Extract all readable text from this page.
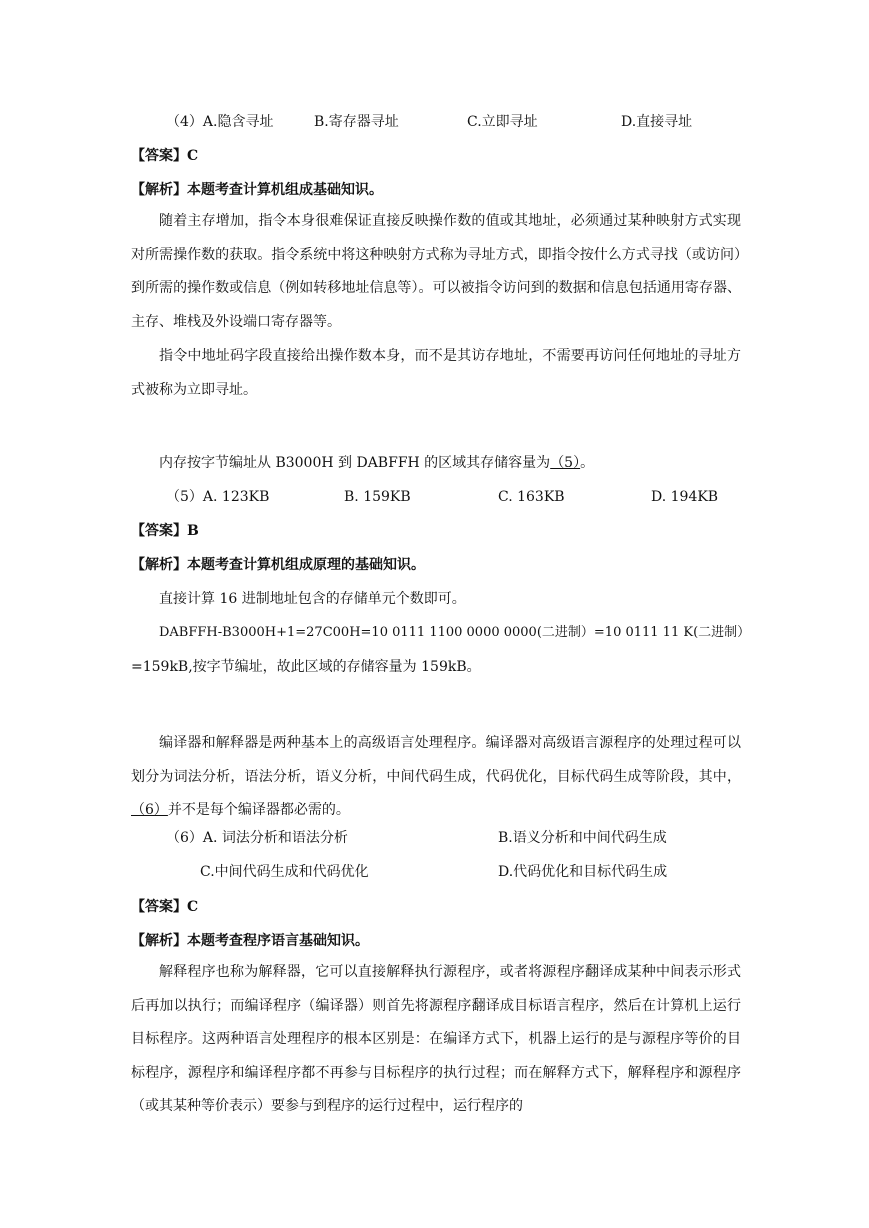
（4）A.隐含寻址	B.寄存器寻址	C.立即寻址	D.直接寻址
【答案】C
【解析】本题考查计算机组成基础知识。
随着主存增加，指令本身很难保证直接反映操作数的值或其地址，必须通过某种映射方式实现对所需操作数的获取。指令系统中将这种映射方式称为寻址方式，即指令按什么方式寻找（或访问）到所需的操作数或信息（例如转移地址信息等）。可以被指令访问到的数据和信息包括通用寄存器、主存、堆栈及外设端口寄存器等。
指令中地址码字段直接给出操作数本身，而不是其访存地址，不需要再访问任何地址的寻址方式被称为立即寻址。
内存按字节编址从 B3000H 到 DABFFH 的区域其存储容量为（5）。
（5）A. 123KB	B. 159KB	C. 163KB	D. 194KB
【答案】B
【解析】本题考查计算机组成原理的基础知识。
直接计算 16 进制地址包含的存储单元个数即可。
DABFFH-B3000H+1=27C00H=10 0111 1100 0000 0000(二进制）=10 0111 11 K(二进制）
=159kB,按字节编址，故此区域的存储容量为 159kB。
编译器和解释器是两种基本上的高级语言处理程序。编译器对高级语言源程序的处理过程可以划分为词法分析，语法分析，语义分析，中间代码生成，代码优化，目标代码生成等阶段，其中，（6）并不是每个编译器都必需的。
（6）A. 词法分析和语法分析	B.语义分析和中间代码生成
C.中间代码生成和代码优化	D.代码优化和目标代码生成
【答案】C
【解析】本题考查程序语言基础知识。
解释程序也称为解释器，它可以直接解释执行源程序，或者将源程序翻译成某种中间表示形式后再加以执行；而编译程序（编译器）则首先将源程序翻译成目标语言程序，然后在计算机上运行目标程序。这两种语言处理程序的根本区别是：在编译方式下，机器上运行的是与源程序等价的目标程序，源程序和编译程序都不再参与目标程序的执行过程；而在解释方式下，解释程序和源程序（或其某种等价表示）要参与到程序的运行过程中，运行程序的
